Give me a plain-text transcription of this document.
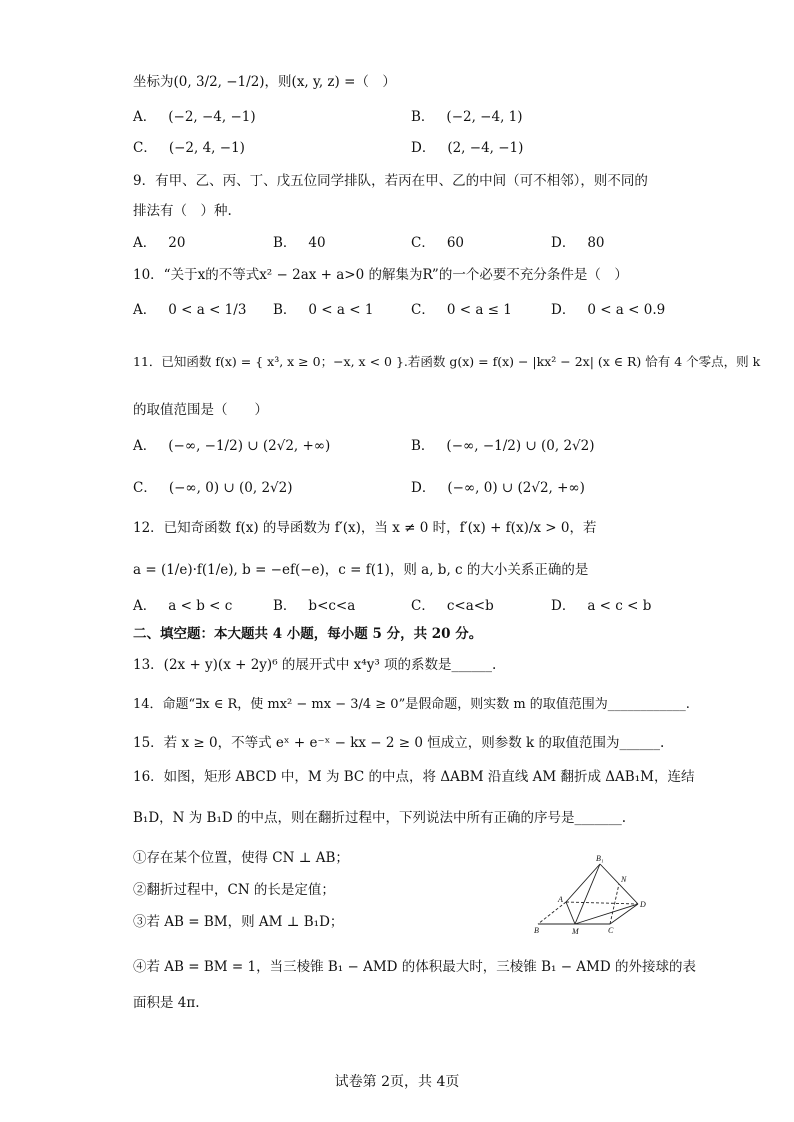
坐标为(0, 3/2, −1/2)，则(x, y, z) =（　）
A． (−2, −4, −1)	B． (−2, −4, 1)
C． (−2, 4, −1)	D． (2, −4, −1)
9．有甲、乙、丙、丁、戊五位同学排队，若丙在甲、乙的中间（可不相邻），则不同的
排法有（　）种.
A． 20	B． 40	C． 60	D． 80
10．“关于x的不等式x² − 2ax + a>0 的解集为R”的一个必要不充分条件是（　）
A． 0 < a < 1/3 B． 0 < a < 1	C． 0 < a ≤ 1	D． 0 < a < 0.9
11．已知函数 f(x) = { x³, x ≥ 0；−x, x < 0 }.若函数 g(x) = f(x) − |kx² − 2x| (x ∈ R) 恰有 4 个零点，则 k
的取值范围是（　　）
A． (−∞, −1/2) ∪ (2√2, +∞)	B． (−∞, −1/2) ∪ (0, 2√2)
C． (−∞, 0) ∪ (0, 2√2)	D． (−∞, 0) ∪ (2√2, +∞)
12．已知奇函数 f(x) 的导函数为 f′(x)，当 x ≠ 0 时，f′(x) + f(x)/x > 0，若
a = (1/e)·f(1/e), b = −ef(−e)，c = f(1)，则 a, b, c 的大小关系正确的是
A． a < b < c	B． b<c<a	C． c<a<b	D． a < c < b
二、填空题：本大题共 4 小题，每小题 5 分，共 20 分。
13．(2x + y)(x + 2y)⁶ 的展开式中 x⁴y³ 项的系数是______.
14．命题“∃x ∈ R，使 mx² − mx − 3/4 ≥ 0”是假命题，则实数 m 的取值范围为____________.
15．若 x ≥ 0，不等式 eˣ + e⁻ˣ − kx − 2 ≥ 0 恒成立，则参数 k 的取值范围为______.
16．如图，矩形 ABCD 中，M 为 BC 的中点，将 ΔABM 沿直线 AM 翻折成 ΔAB₁M，连结
B₁D，N 为 B₁D 的中点，则在翻折过程中，下列说法中所有正确的序号是_______.
①存在某个位置，使得 CN ⊥ AB；
②翻折过程中，CN 的长是定值；
③若 AB = BM，则 AM ⊥ B₁D；
④若 AB = BM = 1，当三棱锥 B₁ − AMD 的体积最大时，三棱锥 B₁ − AMD 的外接球的表
面积是 4π.
B₁
N
A
D
B	M	C
试卷第 2页，共 4页
